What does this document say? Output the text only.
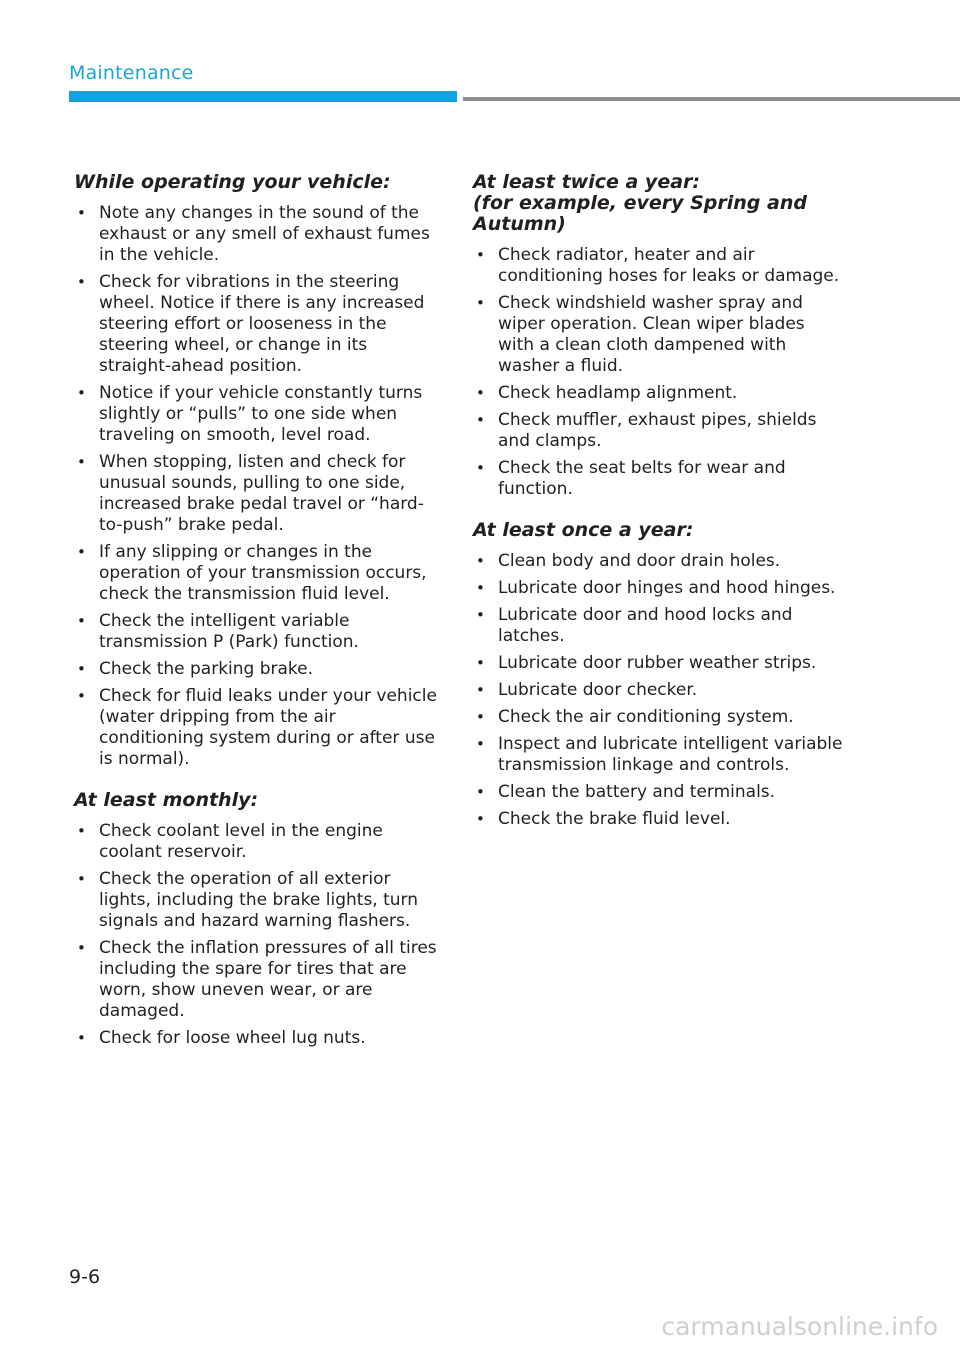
Maintenance
While operating your vehicle:
• Note any changes in the sound of the exhaust or any smell of exhaust fumes in the vehicle.
• Check for vibrations in the steering wheel. Notice if there is any increased steering effort or looseness in the steering wheel, or change in its straight-ahead position.
• Notice if your vehicle constantly turns slightly or “pulls” to one side when traveling on smooth, level road.
• When stopping, listen and check for unusual sounds, pulling to one side, increased brake pedal travel or “hard-to-push” brake pedal.
• If any slipping or changes in the operation of your transmission occurs, check the transmission fluid level.
• Check the intelligent variable transmission P (Park) function.
• Check the parking brake.
• Check for fluid leaks under your vehicle (water dripping from the air conditioning system during or after use is normal).
At least monthly:
• Check coolant level in the engine coolant reservoir.
• Check the operation of all exterior lights, including the brake lights, turn signals and hazard warning flashers.
• Check the inflation pressures of all tires including the spare for tires that are worn, show uneven wear, or are damaged.
• Check for loose wheel lug nuts.
At least twice a year:
(for example, every Spring and Autumn)
• Check radiator, heater and air conditioning hoses for leaks or damage.
• Check windshield washer spray and wiper operation. Clean wiper blades with a clean cloth dampened with washer a fluid.
• Check headlamp alignment.
• Check muffler, exhaust pipes, shields and clamps.
• Check the seat belts for wear and function.
At least once a year:
• Clean body and door drain holes.
• Lubricate door hinges and hood hinges.
• Lubricate door and hood locks and latches.
• Lubricate door rubber weather strips.
• Lubricate door checker.
• Check the air conditioning system.
• Inspect and lubricate intelligent variable transmission linkage and controls.
• Clean the battery and terminals.
• Check the brake fluid level.
9-6
carmanualsonline.info
